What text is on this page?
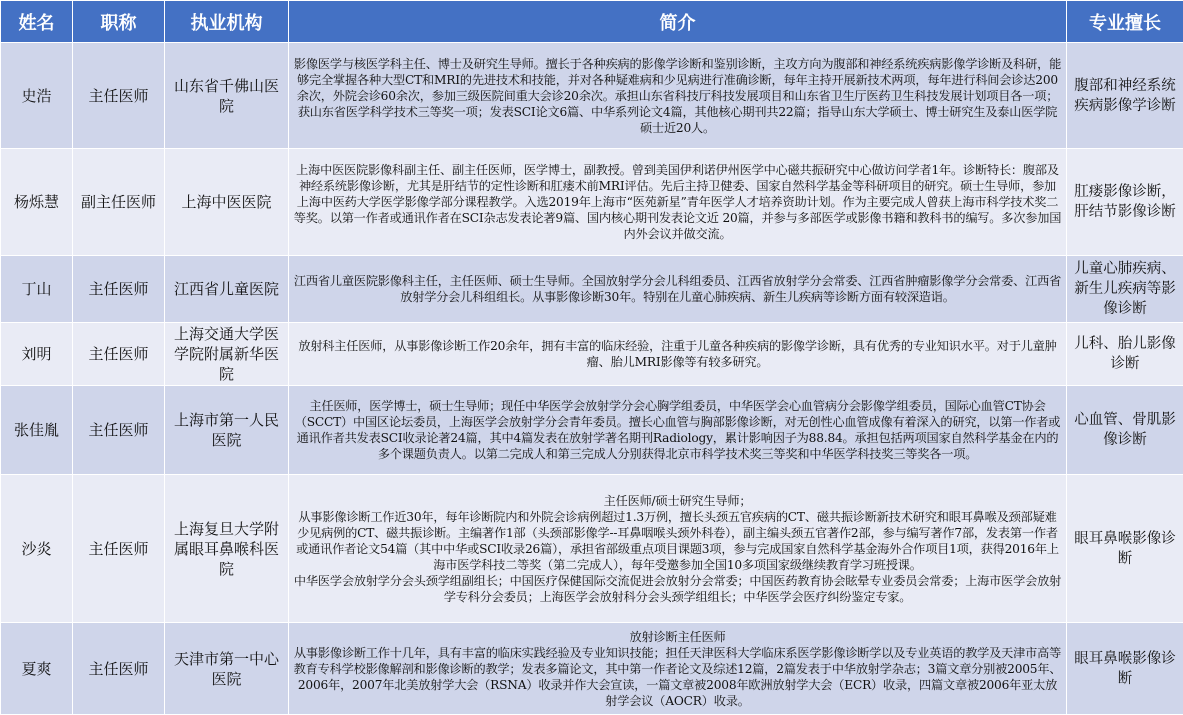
姓名	职称	执业机构	简介	专业擅长
史浩	主任医师	山东省千佛山医院	影像医学与核医学科主任、博士及研究生导师。擅长于各种疾病的影像学诊断和鉴别诊断，主攻方向为腹部和神经系统疾病影像学诊断及科研，能够完全掌握各种大型CT和MRI的先进技术和技能，并对各种疑难病和少见病进行准确诊断，每年主持开展新技术两项，每年进行科间会诊达200余次，外院会诊60余次，参加三级医院间重大会诊20余次。承担山东省科技厅科技发展项目和山东省卫生厅医药卫生科技发展计划项目各一项；获山东省医学科学技术三等奖一项；发表SCI论文6篇、中华系列论文4篇，其他核心期刊共22篇；指导山东大学硕士、博士研究生及泰山医学院硕士近20人。	腹部和神经系统疾病影像学诊断
杨烁慧	副主任医师	上海中医医院	上海中医医院影像科副主任、副主任医师，医学博士，副教授。曾到美国伊利诺伊州医学中心磁共振研究中心做访问学者1年。诊断特长：腹部及神经系统影像诊断，尤其是肝结节的定性诊断和肛瘘术前MRI评估。先后主持卫健委、国家自然科学基金等科研项目的研究。硕士生导师，参加上海中医药大学医学影像学部分课程教学。入选2019年上海市“医苑新星”青年医学人才培养资助计划。作为主要完成人曾获上海市科学技术奖二等奖。以第一作者或通讯作者在SCI杂志发表论著9篇、国内核心期刊发表论文近 20篇，并参与多部医学或影像书籍和教科书的编写。多次参加国内外会议并做交流。	肛瘘影像诊断，肝结节影像诊断
丁山	主任医师	江西省儿童医院	江西省儿童医院影像科主任，主任医师、硕士生导师。全国放射学分会儿科组委员、江西省放射学分会常委、江西省肿瘤影像学分会常委、江西省放射学分会儿科组组长。从事影像诊断30年。特别在儿童心肺疾病、新生儿疾病等诊断方面有较深造诣。	儿童心肺疾病、新生儿疾病等影像诊断
刘明	主任医师	上海交通大学医学院附属新华医院	放射科主任医师，从事影像诊断工作20余年，拥有丰富的临床经验，注重于儿童各种疾病的影像学诊断，具有优秀的专业知识水平。对于儿童肿瘤、胎儿MRI影像等有较多研究。	儿科、胎儿影像诊断
张佳胤	主任医师	上海市第一人民医院	主任医师，医学博士，硕士生导师；现任中华医学会放射学分会心胸学组委员，中华医学会心血管病分会影像学组委员，国际心血管CT协会（SCCT）中国区论坛委员，上海医学会放射学分会青年委员。擅长心血管与胸部影像诊断，对无创性心血管成像有着深入的研究，以第一作者或通讯作者共发表SCI收录论著24篇，其中4篇发表在放射学著名期刊Radiology，累计影响因子为88.84。承担包括两项国家自然科学基金在内的多个课题负责人。以第二完成人和第三完成人分别获得北京市科学技术奖三等奖和中华医学科技奖三等奖各一项。	心血管、骨肌影像诊断
沙炎	主任医师	上海复旦大学附属眼耳鼻喉科医院	主任医师/硕士研究生导师；

从事影像诊断工作近30年，每年诊断院内和外院会诊病例超过1.3万例，擅长头颈五官疾病的CT、磁共振诊断新技术研究和眼耳鼻喉及颈部疑难少见病例的CT、磁共振诊断。主编著作1部（头颈部影像学--耳鼻咽喉头颈外科卷），副主编头颈五官著作2部，参与编写著作7部，发表第一作者或通讯作者论文54篇（其中中华或SCI收录26篇），承担省部级重点项目课题3项，参与完成国家自然科学基金海外合作项目1项，获得2016年上海市医学科技二等奖（第二完成人），每年受邀参加全国10多项国家级继续教育学习班授课。

中华医学会放射学分会头颈学组副组长；中国医疗保健国际交流促进会放射分会常委；中国医药教育协会眩晕专业委员会常委；上海市医学会放射学专科分会委员；上海医学会放射科分会头颈学组组长；中华医学会医疗纠纷鉴定专家。	眼耳鼻喉影像诊断
夏爽	主任医师	天津市第一中心医院	放射诊断主任医师

从事影像诊断工作十几年，具有丰富的临床实践经验及专业知识技能；担任天津医科大学临床系医学影像诊断学以及专业英语的教学及天津市高等教育专科学校影像解剖和影像诊断的教学；发表多篇论文，其中第一作者论文及综述12篇，2篇发表于中华放射学杂志；3篇文章分别被2005年、2006年，2007年北美放射学大会（RSNA）收录并作大会宣读，一篇文章被2008年欧洲放射学大会（ECR）收录，四篇文章被2006年亚太放射学会议（AOCR）收录。	眼耳鼻喉影像诊断
